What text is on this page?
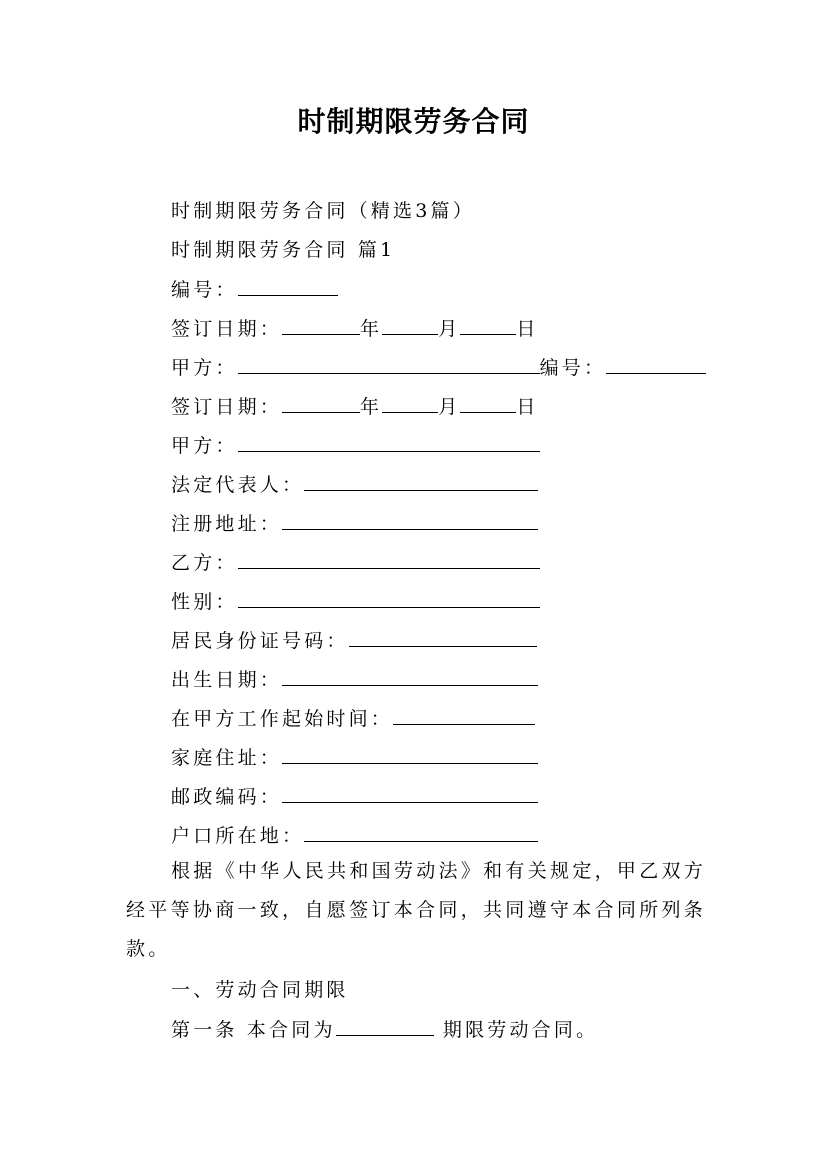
时制期限劳务合同
时制期限劳务合同（精选3篇）
时制期限劳务合同 篇1
编号：
签订日期：	年	月	日
甲方：	编号：
签订日期：	年	月	日
甲方：
法定代表人：
注册地址：
乙方：
性别：
居民身份证号码：
出生日期：
在甲方工作起始时间：
家庭住址：
邮政编码：
户口所在地：
根据《中华人民共和国劳动法》和有关规定，甲乙双方经平等协商一致，自愿签订本合同，共同遵守本合同所列条款。
一、劳动合同期限
第一条 本合同为	期限劳动合同。
